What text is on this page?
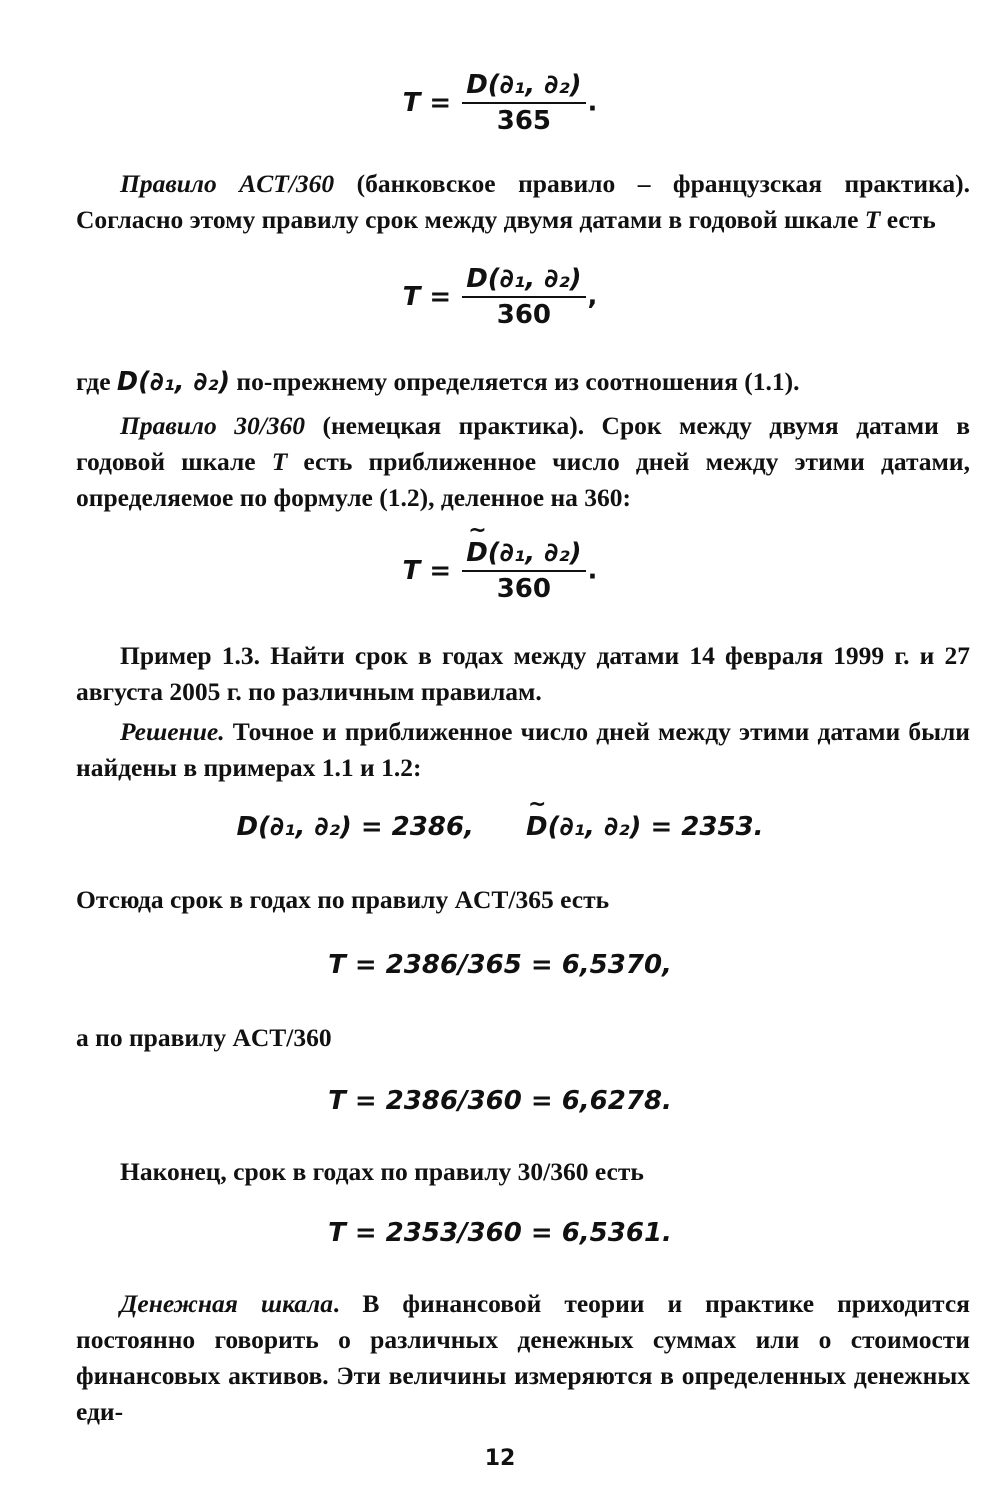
$T = \frac{\text{D(∂₁, ∂₂)}}{365}$ .

Правило ACT/360 (банковское правило – французская практика). Согласно этому правилу срок между двумя датами в годовой шкале T есть

$T = \frac{\text{D(∂₁, ∂₂)}}{360}$ ,

где D(∂₁, ∂₂) по-прежнему определяется из соотношения (1.1).

Правило 30/360 (немецкая практика). Срок между двумя датами в годовой шкале T есть приближенное число дней между этими датами, определяемое по формуле (1.2), деленное на 360:

T = ~ $\frac{\text{D(∂₁, ∂₂)}}{360}$ .

Пример 1.3. Найти срок в годах между датами 14 февраля 1999 г. и 27 августа 2005 г. по различным правилам.

Решение. Точное и приближенное число дней между этими датами были найдены в примерах 1.1 и 1.2:

D(∂₁, ∂₂) = 2386, ~ D(∂₁, ∂₂) = 2353.

Отсюда срок в годах по правилу ACT/365 есть

T = 2386/365 = 6,5370,

а по правилу ACT/360

T = 2386/360 = 6,6278.

Наконец, срок в годах по правилу 30/360 есть

T = 2353/360 = 6,5361.

Денежная шкала. В финансовой теории и практике приходится постоянно говорить о различных денежных суммах или о стоимости финансовых активов. Эти величины измеряются в определенных денежных еди-

12
